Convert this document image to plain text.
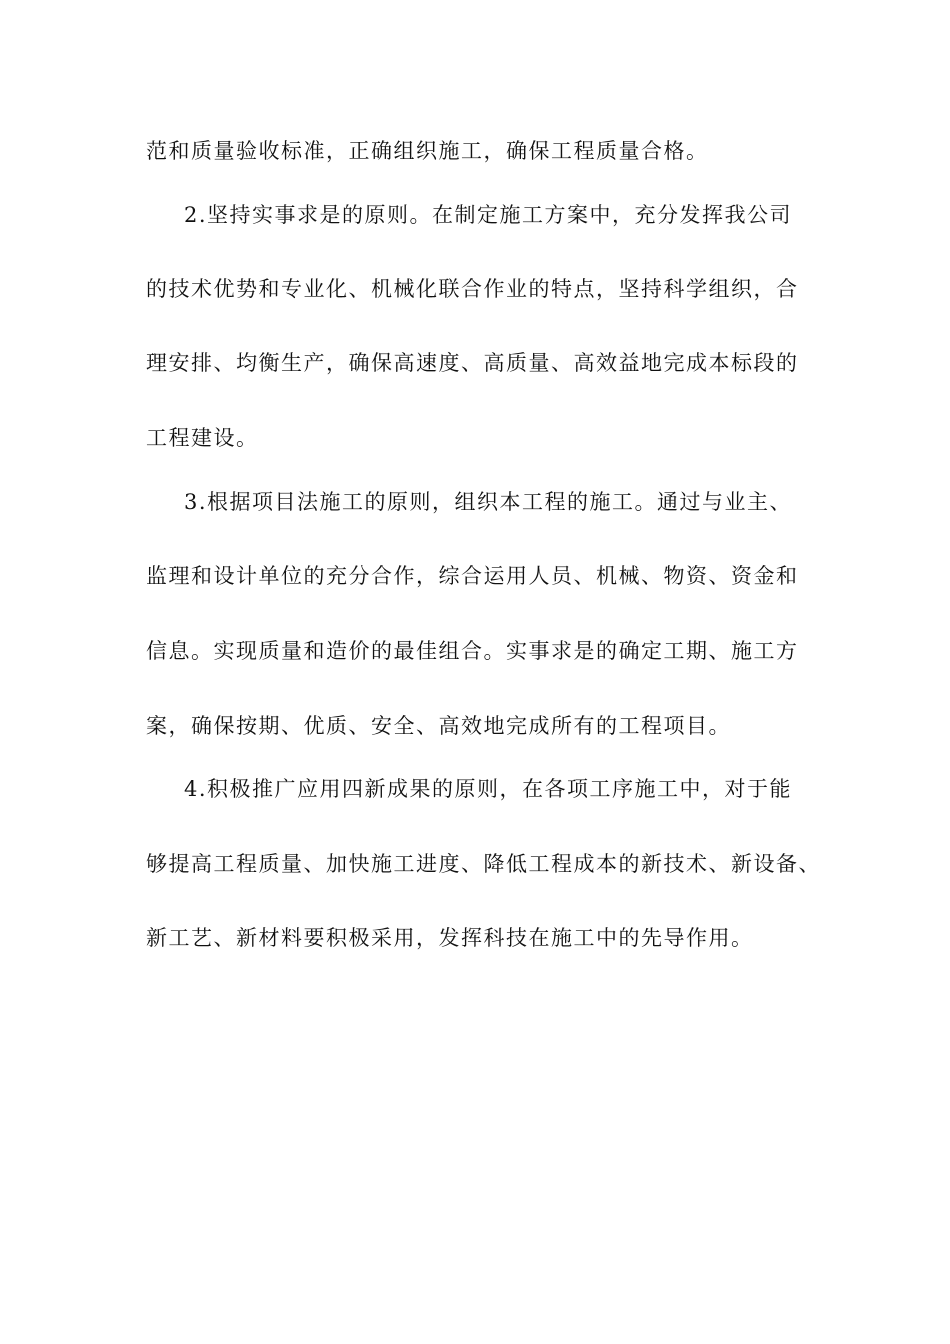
范和质量验收标准，正确组织施工，确保工程质量合格。
2.坚持实事求是的原则。在制定施工方案中，充分发挥我公司
的技术优势和专业化、机械化联合作业的特点，坚持科学组织，合
理安排、均衡生产，确保高速度、高质量、高效益地完成本标段的
工程建设。
3.根据项目法施工的原则，组织本工程的施工。通过与业主、
监理和设计单位的充分合作，综合运用人员、机械、物资、资金和
信息。实现质量和造价的最佳组合。实事求是的确定工期、施工方
案，确保按期、优质、安全、高效地完成所有的工程项目。
4.积极推广应用四新成果的原则，在各项工序施工中，对于能
够提高工程质量、加快施工进度、降低工程成本的新技术、新设备、
新工艺、新材料要积极采用，发挥科技在施工中的先导作用。
